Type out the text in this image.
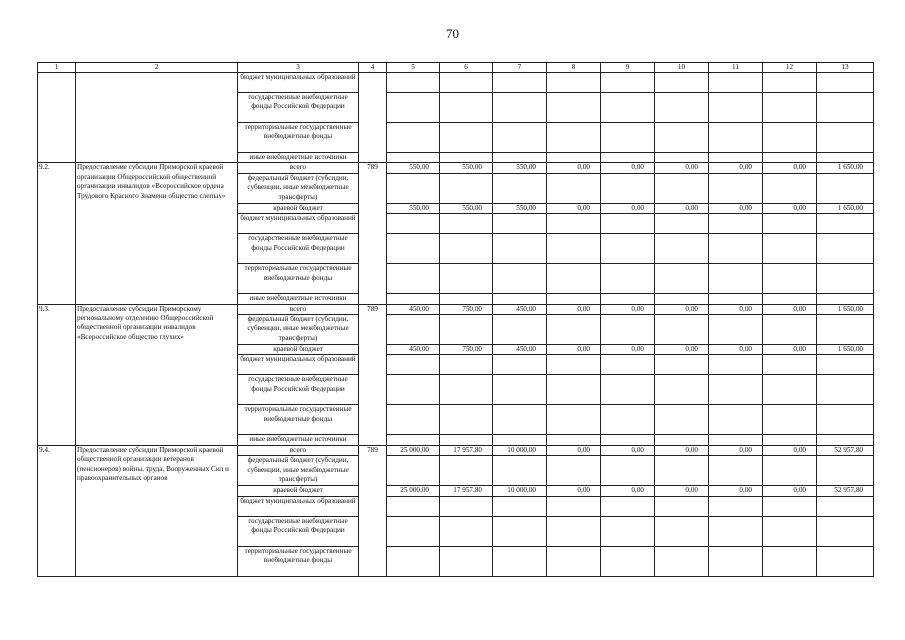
70
1	2	3	4	5	6	7	8	9	10	11	12	13
		бюджет муниципальных образований										
		государственные внебюджетные фонды Российской Федерации										
		территориальные государственные внебюджетные фонды										
		иные внебюджетные источники										
9.2.	Предоставление субсидии Приморской краевой организации Общероссийской общественной организации инвалидов «Всероссийское ордена Трудового Красного Знамени общество слепых»	всего	789	550,00	550,00	550,00	0,00	0,00	0,00	0,00	0,00	1 650,00
		федеральный бюджет (субсидии, субвенции, иные межбюджетные трансферты)										
		краевой бюджет		550,00	550,00	550,00	0,00	0,00	0,00	0,00	0,00	1 650,00
		бюджет муниципальных образований										
		государственные внебюджетные фонды Российской Федерации										
		территориальные государственные внебюджетные фонды										
		иные внебюджетные источники										
9.3.	Предоставление субсидии Приморскому региональному отделению Общероссийской общественной организации инвалидов «Всероссийское общество глухих»	всего	789	450,00	750,00	450,00	0,00	0,00	0,00	0,00	0,00	1 650,00
		федеральный бюджет (субсидии, субвенции, иные межбюджетные трансферты)										
		краевой бюджет		450,00	750,00	450,00	0,00	0,00	0,00	0,00	0,00	1 650,00
		бюджет муниципальных образований										
		государственные внебюджетные фонды Российской Федерации										
		территориальные государственные внебюджетные фонды										
		иные внебюджетные источники										
9.4.	Предоставление субсидии Приморской краевой общественной организации ветеранов (пенсионеров) войны, труда, Вооруженных Сил и правоохранительных органов	всего	789	25 000,00	17 957,80	10 000,00	0,00	0,00	0,00	0,00	0,00	52 957,80
		федеральный бюджет (субсидии, субвенции, иные межбюджетные трансферты)										
		краевой бюджет		25 000,00	17 957,80	10 000,00	0,00	0,00	0,00	0,00	0,00	52 957,80
		бюджет муниципальных образований										
		государственные внебюджетные фонды Российской Федерации										
		территориальные государственные внебюджетные фонды										
